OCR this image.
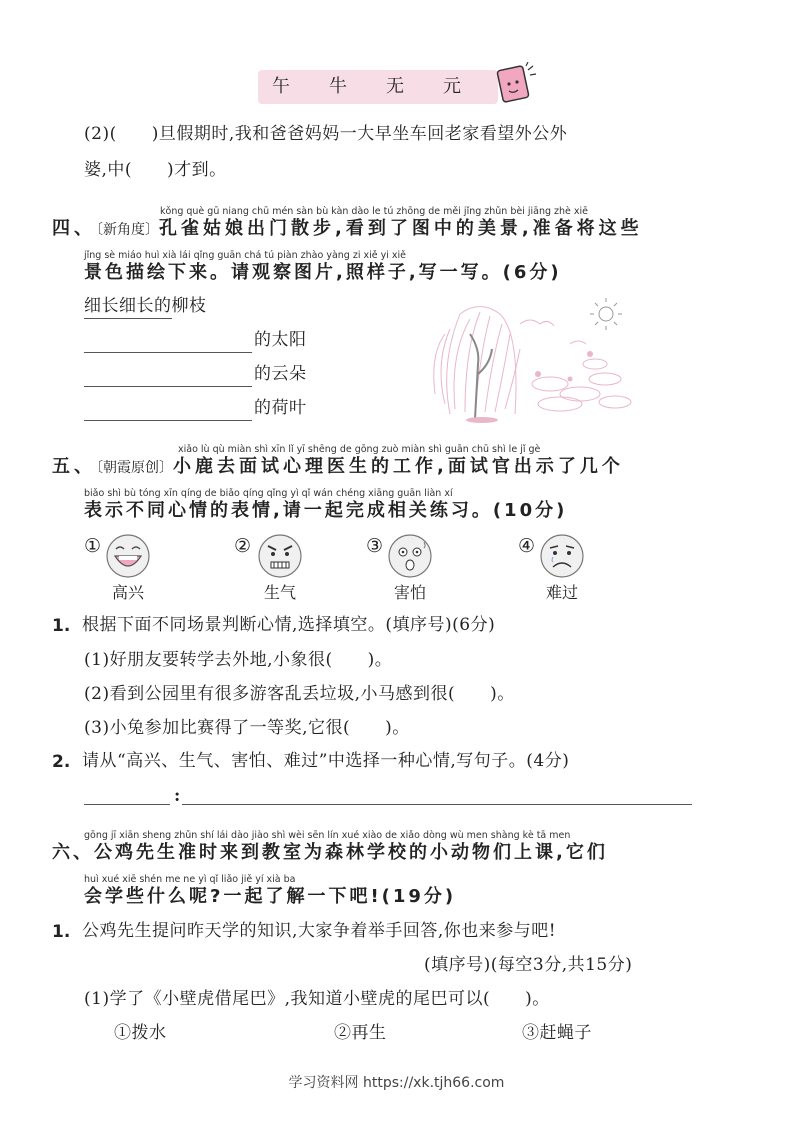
午　　牛　　无　　元
(2)(　　)旦假期时,我和爸爸妈妈一大早坐车回老家看望外公外
婆,中(　　)才到。
kǒng què gū niang chū mén sàn bù kàn dào le tú zhōng de měi jǐng zhǔn bèi jiāng zhè xiē
四、〔新角度〕孔雀姑娘出门散步,看到了图中的美景,准备将这些
jǐng sè miáo huì xià lái qǐng guān chá tú piàn zhào yàng zi xiě yi xiě
景色描绘下来。请观察图片,照样子,写一写。(6分)
细长细长的柳枝
的太阳
的云朵
的荷叶
xiǎo lù qù miàn shì xīn lǐ yī shēng de gōng zuò miàn shì guān chū shì le jǐ gè
五、〔朝霞原创〕小鹿去面试心理医生的工作,面试官出示了几个
biǎo shì bù tóng xīn qíng de biǎo qíng qǐng yì qǐ wán chéng xiāng guān liàn xí
表示不同心情的表情,请一起完成相关练习。(10分)
①
高兴
②
生气
③
害怕
④
难过
1. 根据下面不同场景判断心情,选择填空。(填序号)(6分)
(1)好朋友要转学去外地,小象很(　　)。
(2)看到公园里有很多游客乱丢垃圾,小马感到很(　　)。
(3)小兔参加比赛得了一等奖,它很(　　)。
2. 请从“高兴、生气、害怕、难过”中选择一种心情,写句子。(4分)
:
gōng jī xiān sheng zhǔn shí lái dào jiào shì wèi sēn lín xué xiào de xiǎo dòng wù men shàng kè tā men
六、公鸡先生准时来到教室为森林学校的小动物们上课,它们
huì xué xiē shén me ne yì qǐ liǎo jiě yí xià ba
会学些什么呢?一起了解一下吧!(19分)
1. 公鸡先生提问昨天学的知识,大家争着举手回答,你也来参与吧!
(填序号)(每空3分,共15分)
(1)学了《小壁虎借尾巴》,我知道小壁虎的尾巴可以(　　)。
①拨水	②再生	③赶蝇子
学习资料网 https://xk.tjh66.com
